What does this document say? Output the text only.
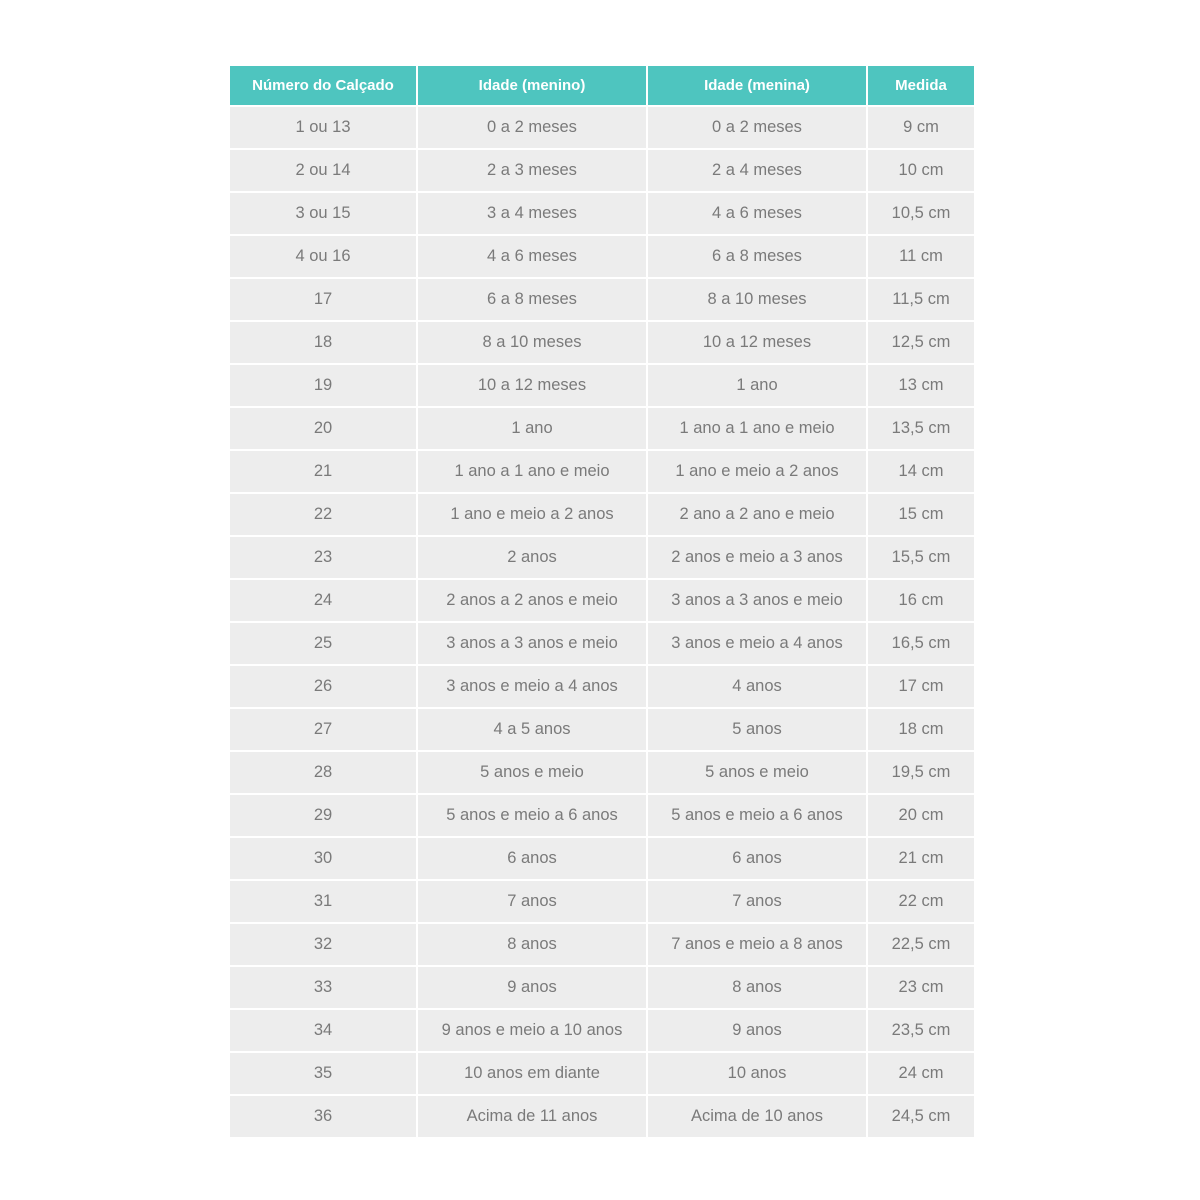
Número do Calçado	Idade (menino)	Idade (menina)	Medida
1 ou 13	0 a 2 meses	0 a 2 meses	9 cm
2 ou 14	2 a 3 meses	2 a 4 meses	10 cm
3 ou 15	3 a 4 meses	4 a 6 meses	10,5 cm
4 ou 16	4 a 6 meses	6 a 8 meses	11 cm
17	6 a 8 meses	8 a 10 meses	11,5 cm
18	8 a 10 meses	10 a 12 meses	12,5 cm
19	10 a 12 meses	1 ano	13 cm
20	1 ano	1 ano a 1 ano e meio	13,5 cm
21	1 ano a 1 ano e meio	1 ano e meio a 2 anos	14 cm
22	1 ano e meio a 2 anos	2 ano a 2 ano e meio	15 cm
23	2 anos	2 anos e meio a 3 anos	15,5 cm
24	2 anos a 2 anos e meio	3 anos a 3 anos e meio	16 cm
25	3 anos a 3 anos e meio	3 anos e meio a 4 anos	16,5 cm
26	3 anos e meio a 4 anos	4 anos	17 cm
27	4 a 5 anos	5 anos	18 cm
28	5 anos e meio	5 anos e meio	19,5 cm
29	5 anos e meio a 6 anos	5 anos e meio a 6 anos	20 cm
30	6 anos	6 anos	21 cm
31	7 anos	7 anos	22 cm
32	8 anos	7 anos e meio a 8 anos	22,5 cm
33	9 anos	8 anos	23 cm
34	9 anos e meio a 10 anos	9 anos	23,5 cm
35	10 anos em diante	10 anos	24 cm
36	Acima de 11 anos	Acima de 10 anos	24,5 cm
